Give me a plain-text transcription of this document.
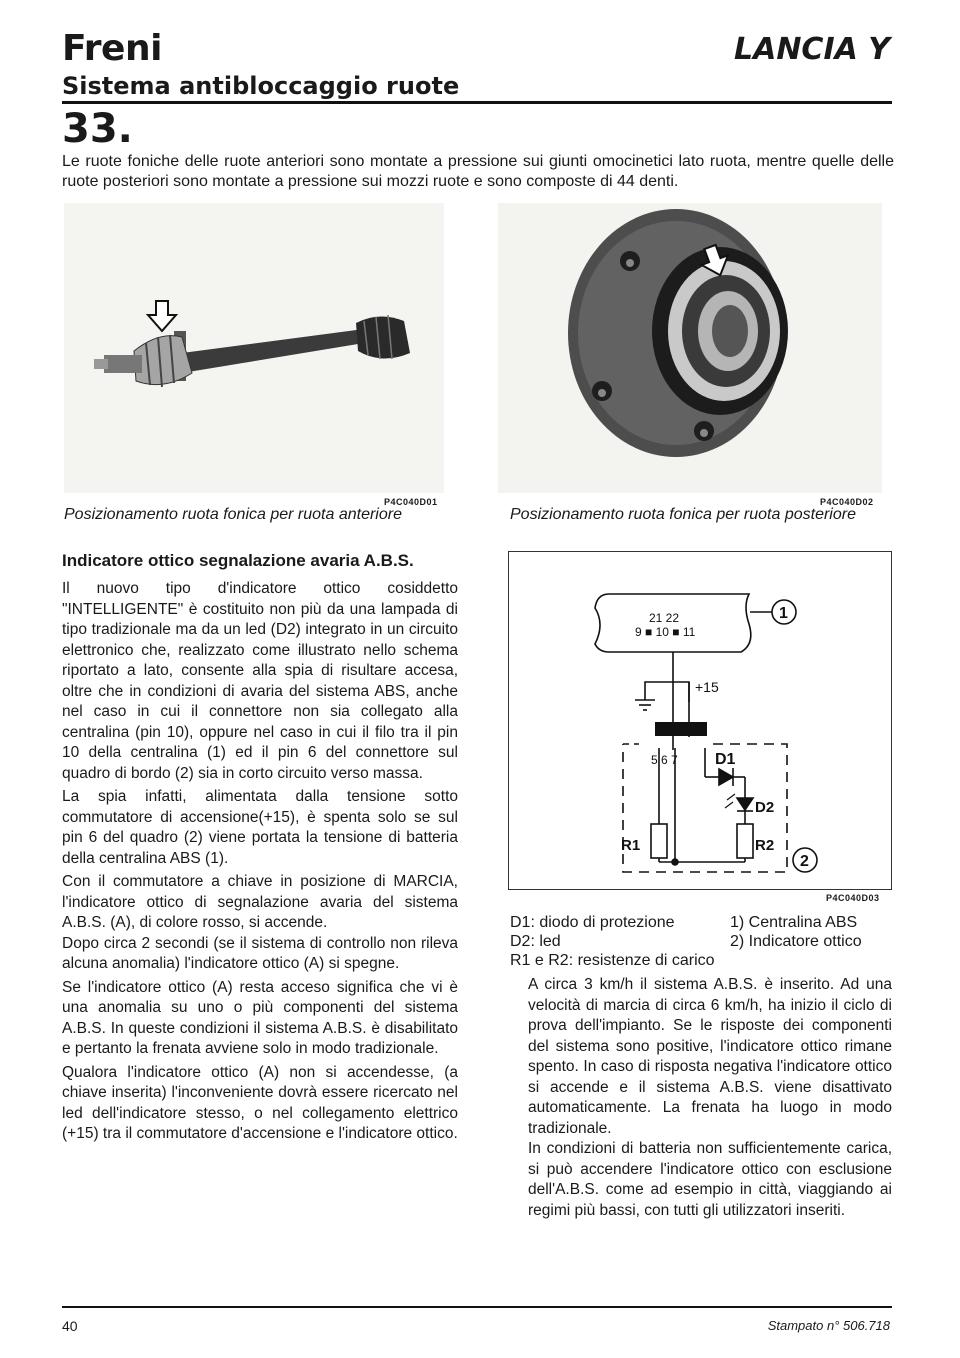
Freni	LANCIA Y
Sistema antibloccaggio ruote
33.
Le ruote foniche delle ruote anteriori sono montate a pressione sui giunti omocinetici lato ruota, mentre quelle delle ruote posteriori sono montate a pressione sui mozzi ruote e sono composte di 44 denti.
P4C040D01
Posizionamento ruota fonica per ruota anteriore
P4C040D02
Posizionamento ruota fonica per ruota posteriore
Indicatore ottico segnalazione avaria A.B.S.

Il nuovo tipo d'indicatore ottico cosiddetto "INTELLIGENTE" è costituito non più da una lampada di tipo tradizionale ma da un led (D2) integrato in un circuito elettronico che, realizzato come illustrato nello schema riportato a lato, consente alla spia di risultare accesa, oltre che in condizioni di avaria del sistema ABS, anche nel caso in cui il connettore non sia collegato alla centralina (pin 10), oppure nel caso in cui il filo tra il pin 10 della centralina (1) ed il pin 6 del connettore sul quadro di bordo (2) sia in corto circuito verso massa.

La spia infatti, alimentata dalla tensione sotto commutatore di accensione(+15), è spenta solo se sul pin 6 del quadro (2) viene portata la tensione di batteria della centralina ABS (1).

Con il commutatore a chiave in posizione di MARCIA, l'indicatore ottico di segnalazione avaria del sistema A.B.S. (A), di colore rosso, si accende.

Dopo circa 2 secondi (se il sistema di controllo non rileva alcuna anomalia) l'indicatore ottico (A) si spegne.

Se l'indicatore ottico (A) resta acceso significa che vi è una anomalia su uno o più componenti del sistema A.B.S. In queste condizioni il sistema A.B.S. è disabilitato e pertanto la frenata avviene solo in modo tradizionale.

Qualora l'indicatore ottico (A) non si accendesse, (a chiave inserita) l'inconveniente dovrà essere ricercato nel led dell'indicatore stesso, o nel collegamento elettrico (+15) tra il commutatore d'accensione e l'indicatore ottico.

21 22
9 ■ 10 ■ 11
1
+15
5 6 7 D1
D2
R2
R1
2
P4C040D03
D1: diodo di protezione
D2: led
R1 e R2: resistenze di carico
1) Centralina ABS
2) Indicatore ottico

A circa 3 km/h il sistema A.B.S. è inserito. Ad una velocità di marcia di circa 6 km/h, ha inizio il ciclo di prova dell'impianto. Se le risposte dei componenti del sistema sono positive, l'indicatore ottico rimane spento. In caso di risposta negativa l'indicatore ottico si accende e il sistema A.B.S. viene disattivato automaticamente. La frenata ha luogo in modo tradizionale.

In condizioni di batteria non sufficientemente carica, si può accendere l'indicatore ottico con esclusione dell'A.B.S. come ad esempio in città, viaggiando ai regimi più bassi, con tutti gli utilizzatori inseriti.

40	Stampato n° 506.718
